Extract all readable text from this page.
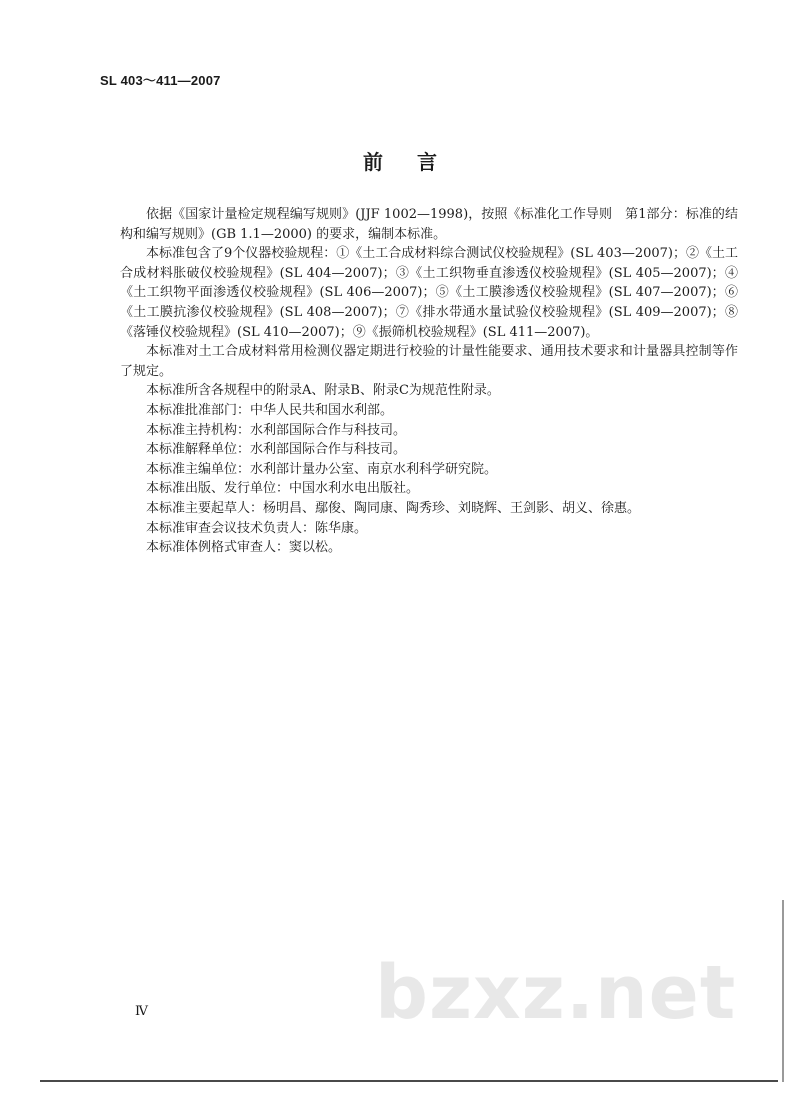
SL 403～411—2007
前 言

依据《国家计量检定规程编写规则》(JJF 1002—1998)，按照《标准化工作导则　第1部分：标准的结构和编写规则》(GB 1.1—2000) 的要求，编制本标准。

本标准包含了9个仪器校验规程：①《土工合成材料综合测试仪校验规程》(SL 403—2007)；②《土工合成材料胀破仪校验规程》(SL 404—2007)；③《土工织物垂直渗透仪校验规程》(SL 405—2007)；④《土工织物平面渗透仪校验规程》(SL 406—2007)；⑤《土工膜渗透仪校验规程》(SL 407—2007)；⑥《土工膜抗渗仪校验规程》(SL 408—2007)；⑦《排水带通水量试验仪校验规程》(SL 409—2007)；⑧《落锤仪校验规程》(SL 410—2007)；⑨《振筛机校验规程》(SL 411—2007)。

本标准对土工合成材料常用检测仪器定期进行校验的计量性能要求、通用技术要求和计量器具控制等作了规定。

本标准所含各规程中的附录A、附录B、附录C为规范性附录。

本标准批准部门：中华人民共和国水利部。

本标准主持机构：水利部国际合作与科技司。

本标准解释单位：水利部国际合作与科技司。

本标准主编单位：水利部计量办公室、南京水利科学研究院。

本标准出版、发行单位：中国水利水电出版社。

本标准主要起草人：杨明昌、鄢俊、陶同康、陶秀珍、刘晓辉、王剑影、胡义、徐惠。

本标准审查会议技术负责人：陈华康。

本标准体例格式审查人：窦以松。

bzxz.net
Ⅳ
